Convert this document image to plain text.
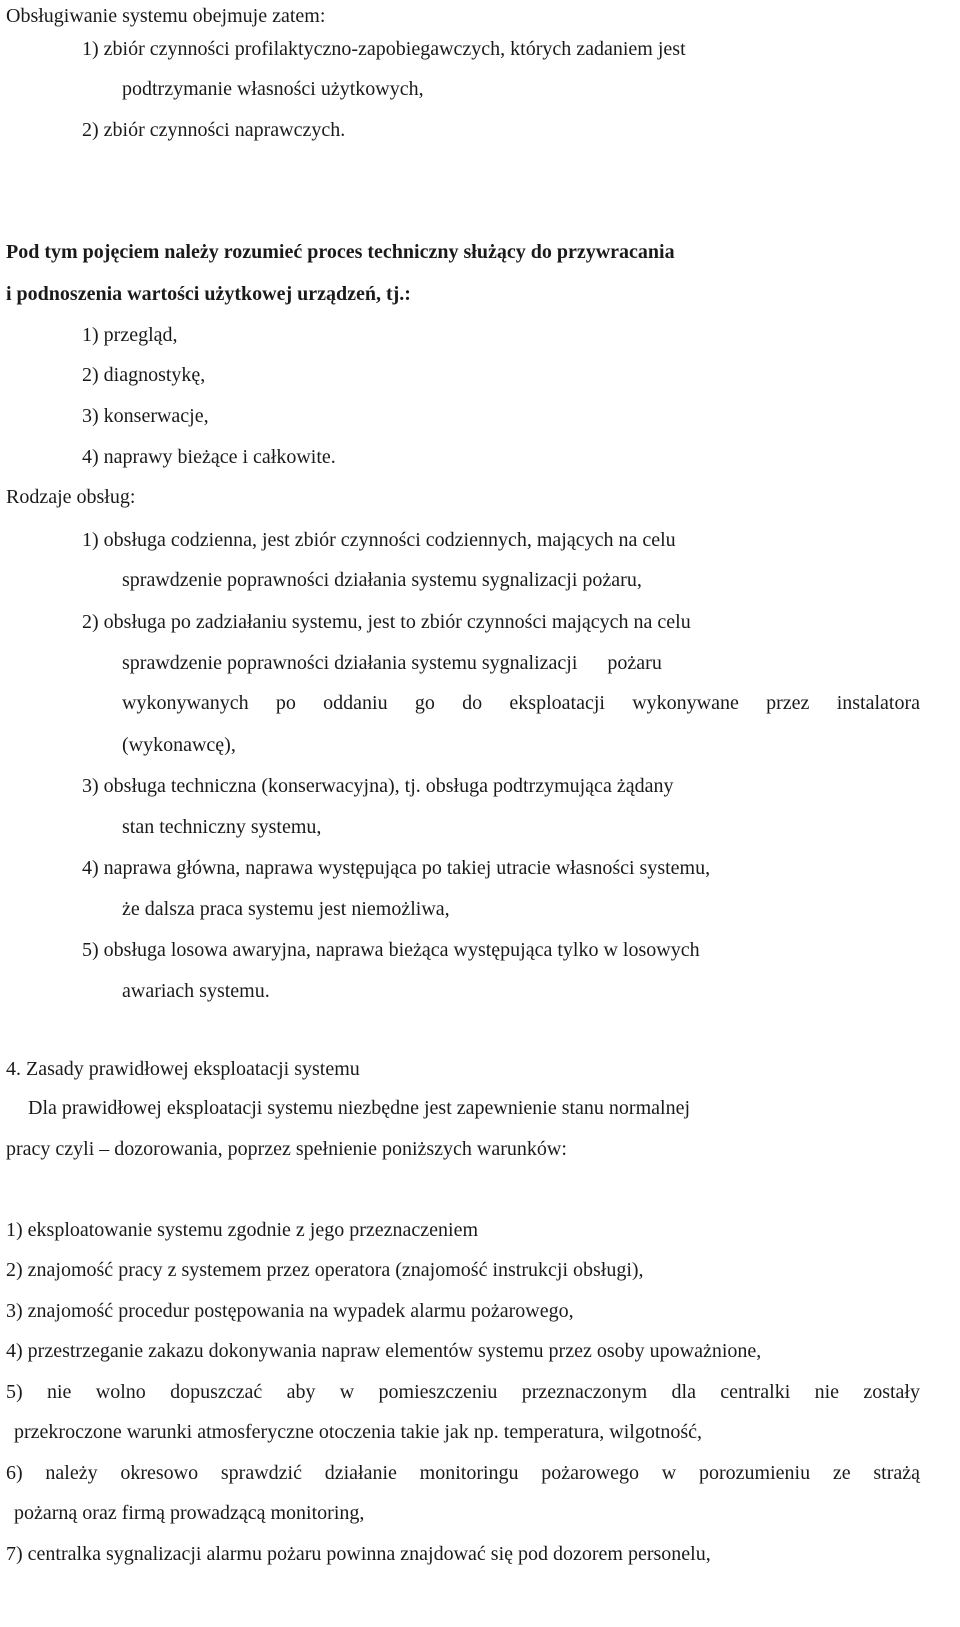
Obsługiwanie systemu obejmuje zatem:
1) zbiór czynności profilaktyczno-zapobiegawczych, których zadaniem jest
podtrzymanie własności użytkowych,
2) zbiór czynności naprawczych.
Pod tym pojęciem należy rozumieć proces techniczny służący do przywracania
i podnoszenia wartości użytkowej urządzeń, tj.:
1) przegląd,
2) diagnostykę,
3) konserwacje,
4) naprawy bieżące i całkowite.
Rodzaje obsług:
1) obsługa codzienna, jest zbiór czynności codziennych, mających na celu
sprawdzenie poprawności działania systemu sygnalizacji pożaru,
2) obsługa po zadziałaniu systemu, jest to zbiór czynności mających na celu
sprawdzenie poprawności działania systemu sygnalizacji      pożaru
wykonywanych po oddaniu go do eksploatacji wykonywane przez instalatora
(wykonawcę),
3) obsługa techniczna (konserwacyjna), tj. obsługa podtrzymująca żądany
stan techniczny systemu,
4) naprawa główna, naprawa występująca po takiej utracie własności systemu,
że dalsza praca systemu jest niemożliwa,
5) obsługa losowa awaryjna, naprawa bieżąca występująca tylko w losowych
awariach systemu.
4. Zasady prawidłowej eksploatacji systemu
Dla prawidłowej eksploatacji systemu niezbędne jest zapewnienie stanu normalnej
pracy czyli – dozorowania, poprzez spełnienie poniższych warunków:
1) eksploatowanie systemu zgodnie z jego przeznaczeniem
2) znajomość pracy z systemem przez operatora (znajomość instrukcji obsługi),
3) znajomość procedur postępowania na wypadek alarmu pożarowego,
4) przestrzeganie zakazu dokonywania napraw elementów systemu przez osoby upoważnione,
5) nie wolno dopuszczać aby w pomieszczeniu przeznaczonym dla centralki nie zostały
przekroczone warunki atmosferyczne otoczenia takie jak np. temperatura, wilgotność,
6) należy okresowo sprawdzić działanie monitoringu pożarowego w porozumieniu ze strażą
pożarną oraz firmą prowadzącą monitoring,
7) centralka sygnalizacji alarmu pożaru powinna znajdować się pod dozorem personelu,
